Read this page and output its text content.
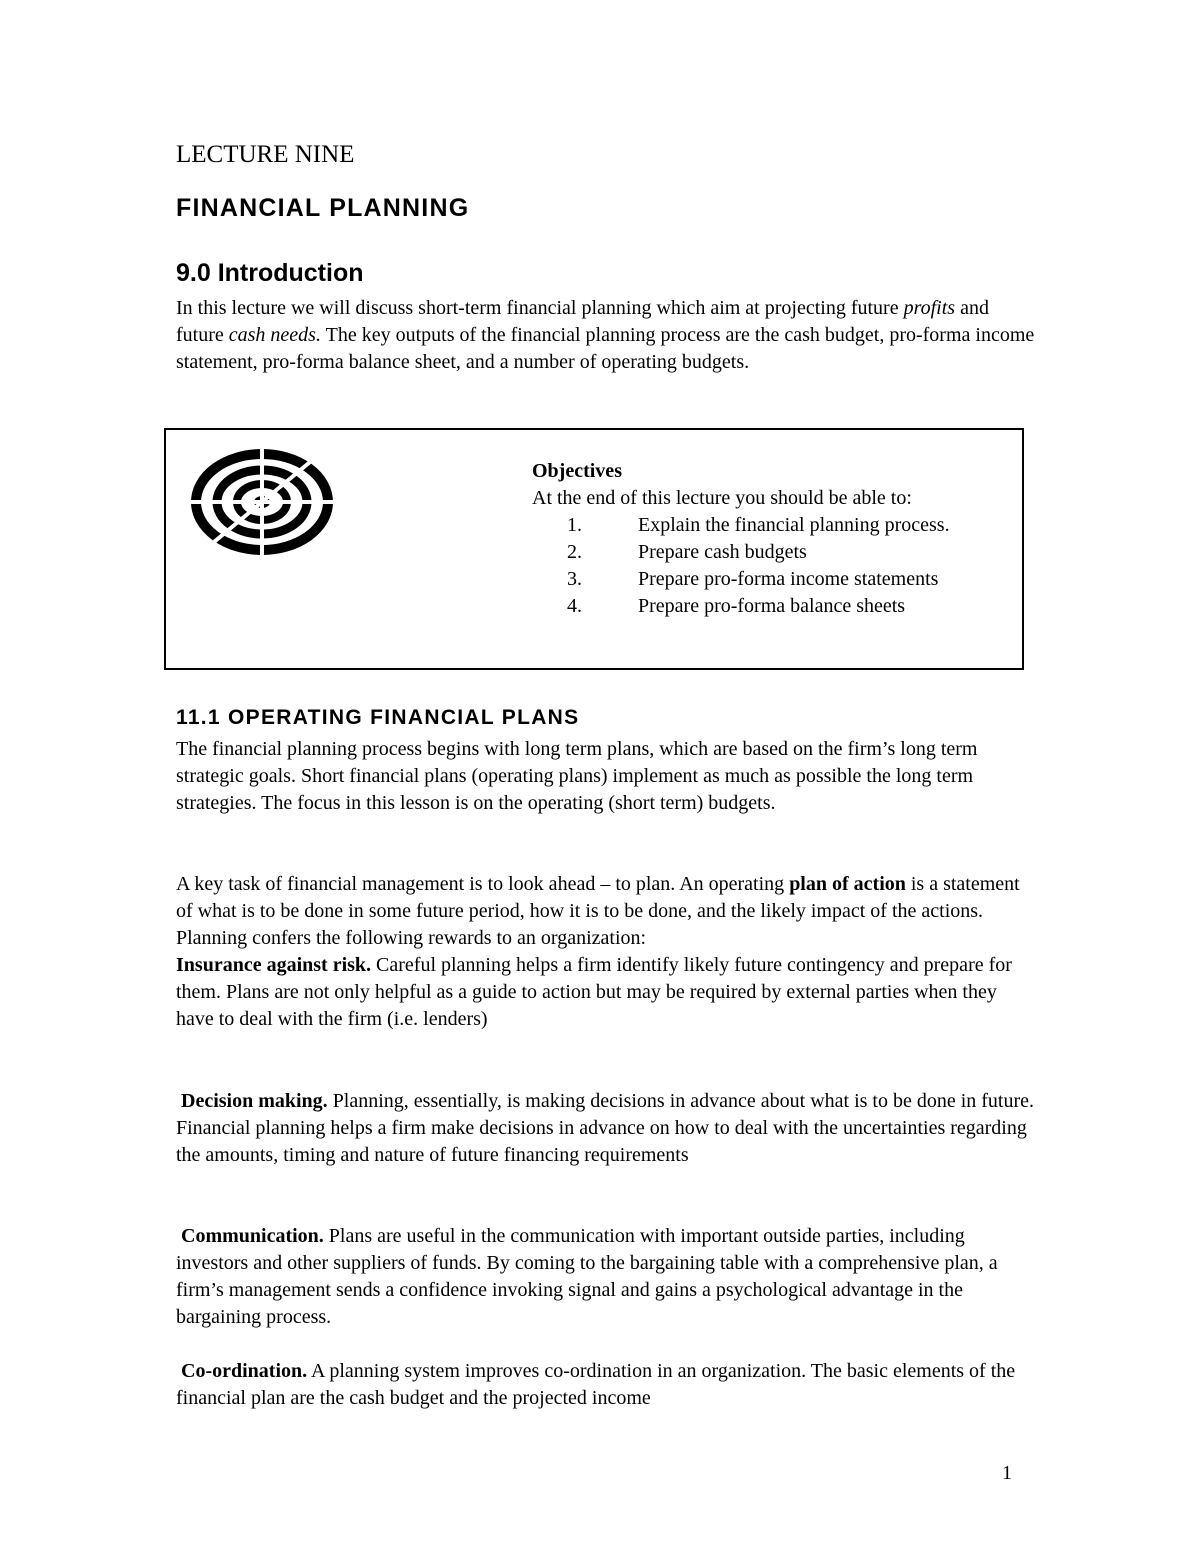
LECTURE NINE
FINANCIAL PLANNING
9.0 Introduction

In this lecture we will discuss short-term financial planning which aim at projecting future profits and future cash needs. The key outputs of the financial planning process are the cash budget, pro-forma income statement, pro-forma balance sheet, and a number of operating budgets.

Objectives
At the end of this lecture you should be able to:
1.	Explain the financial planning process.
2.	Prepare cash budgets
3.	Prepare pro-forma income statements
4.	Prepare pro-forma balance sheets
11.1 OPERATING FINANCIAL PLANS

The financial planning process begins with long term plans, which are based on the firm’s long term strategic goals. Short financial plans (operating plans) implement as much as possible the long term strategies. The focus in this lesson is on the operating (short term) budgets.

A key task of financial management is to look ahead – to plan. An operating plan of action is a statement of what is to be done in some future period, how it is to be done, and the likely impact of the actions. Planning confers the following rewards to an organization:

Insurance against risk. Careful planning helps a firm identify likely future contingency and prepare for them. Plans are not only helpful as a guide to action but may be required by external parties when they have to deal with the firm (i.e. lenders)

Decision making. Planning, essentially, is making decisions in advance about what is to be done in future. Financial planning helps a firm make decisions in advance on how to deal with the uncertainties regarding the amounts, timing and nature of future financing requirements

Communication. Plans are useful in the communication with important outside parties, including investors and other suppliers of funds. By coming to the bargaining table with a comprehensive plan, a firm’s management sends a confidence invoking signal and gains a psychological advantage in the bargaining process.

Co-ordination. A planning system improves co-ordination in an organization. The basic elements of the financial plan are the cash budget and the projected income

1
